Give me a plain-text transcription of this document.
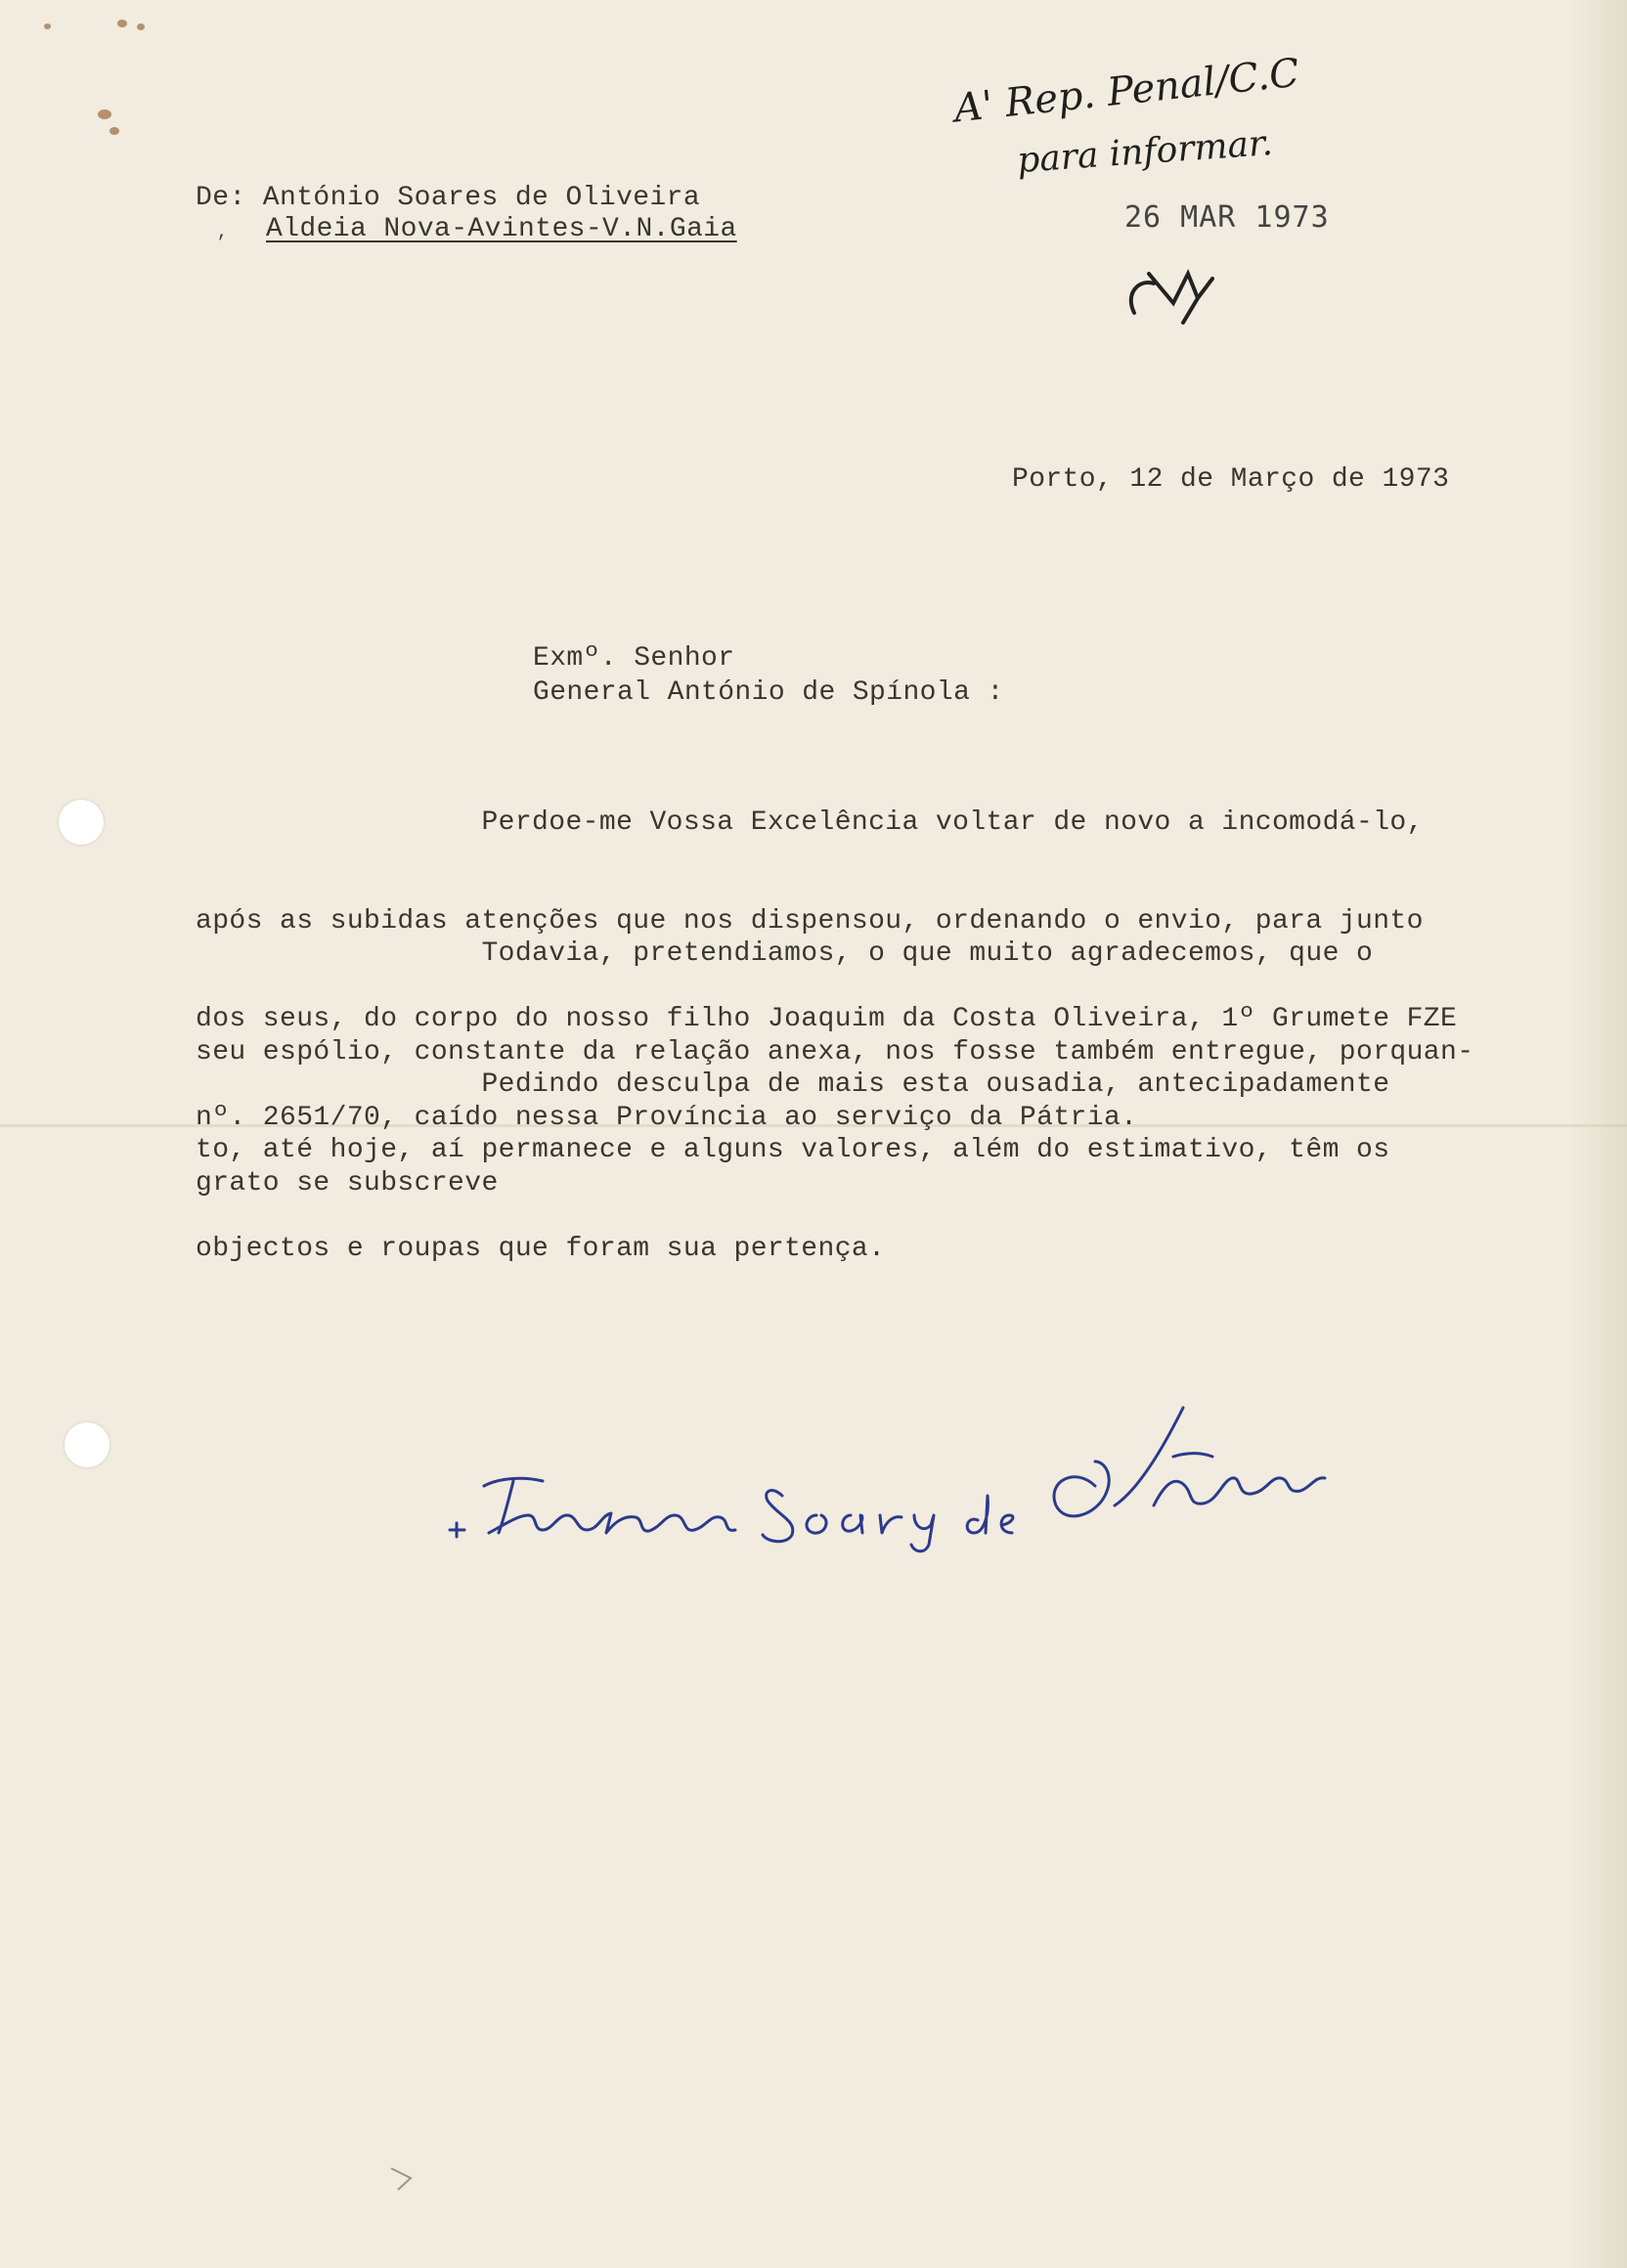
A' Rep. Penal/C.C
para informar.
26 MAR 1973
De: António Soares de Oliveira
, Aldeia Nova-Avintes-V.N.Gaia
Porto, 12 de Março de 1973
Exmº. Senhor
General António de Spínola :

Perdoe-me Vossa Excelência voltar de novo a incomodá-lo,

após as subidas atenções que nos dispensou, ordenando o envio, para junto

dos seus, do corpo do nosso filho Joaquim da Costa Oliveira, 1º Grumete FZE

nº. 2651/70, caído nessa Província ao serviço da Pátria.

Todavia, pretendiamos, o que muito agradecemos, que o

seu espólio, constante da relação anexa, nos fosse também entregue, porquan-

to, até hoje, aí permanece e alguns valores, além do estimativo, têm os

objectos e roupas que foram sua pertença.

Pedindo desculpa de mais esta ousadia, antecipadamente

grato se subscreve
